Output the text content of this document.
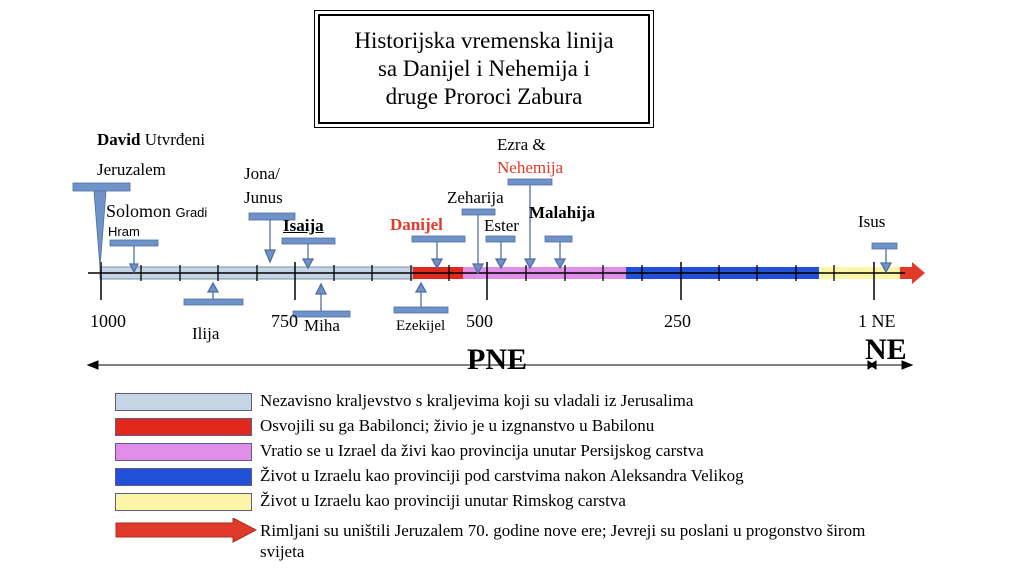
Historijska vremenska linija
sa Danijel i Nehemija i
druge Proroci Zabura
David Utvrđeni
Jeruzalem
Solomon Gradi
Hram
Jona/
Junus
Isaija
Ilija	Miha
Danijel
Ezekijel
Zeharija
Ester
Ezra &
Nehemija
Malahija	Isus
1000	750	500	250	1 NE
PNE	NE
Nezavisno kraljevstvo s kraljevima koji su vladali iz Jerusalima
Osvojili su ga Babilonci; živio je u izgnanstvo u Babilonu
Vratio se u Izrael da živi kao provincija unutar Persijskog carstva
Život u Izraelu kao provinciji pod carstvima nakon Aleksandra Velikog
Život u Izraelu kao provinciji unutar Rimskog carstva
Rimljani su uništili Jeruzalem 70. godine nove ere; Jevreji su poslani u progonstvo širom
svijeta
